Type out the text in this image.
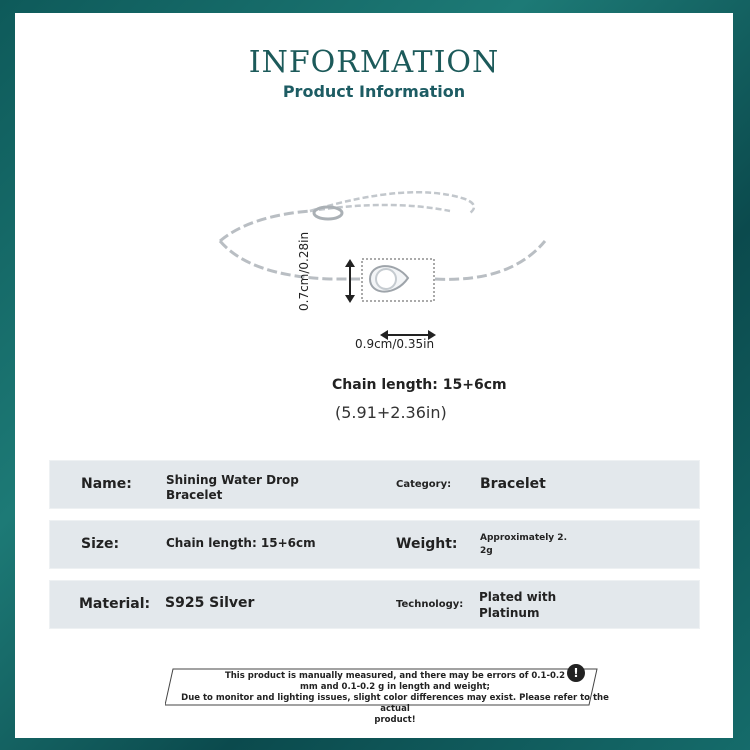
INFORMATION
Product Information
0.9cm/0.35in
0.7cm/0.28in
Chain length: 15+6cm
(5.91+2.36in)
Name:	Shining Water Drop
Bracelet
Category: Bracelet
Size:	Chain length: 15+6cm	Weight: Approximately 2.
2g
Material: S925 Silver	Technology:
Plated with
Platinum
This product is manually measured, and there may be errors of 0.1-0.2
mm and 0.1-0.2 g in length and weight;
Due to monitor and lighting issues, slight color differences may exist. Please refer to the actual
product!
!
